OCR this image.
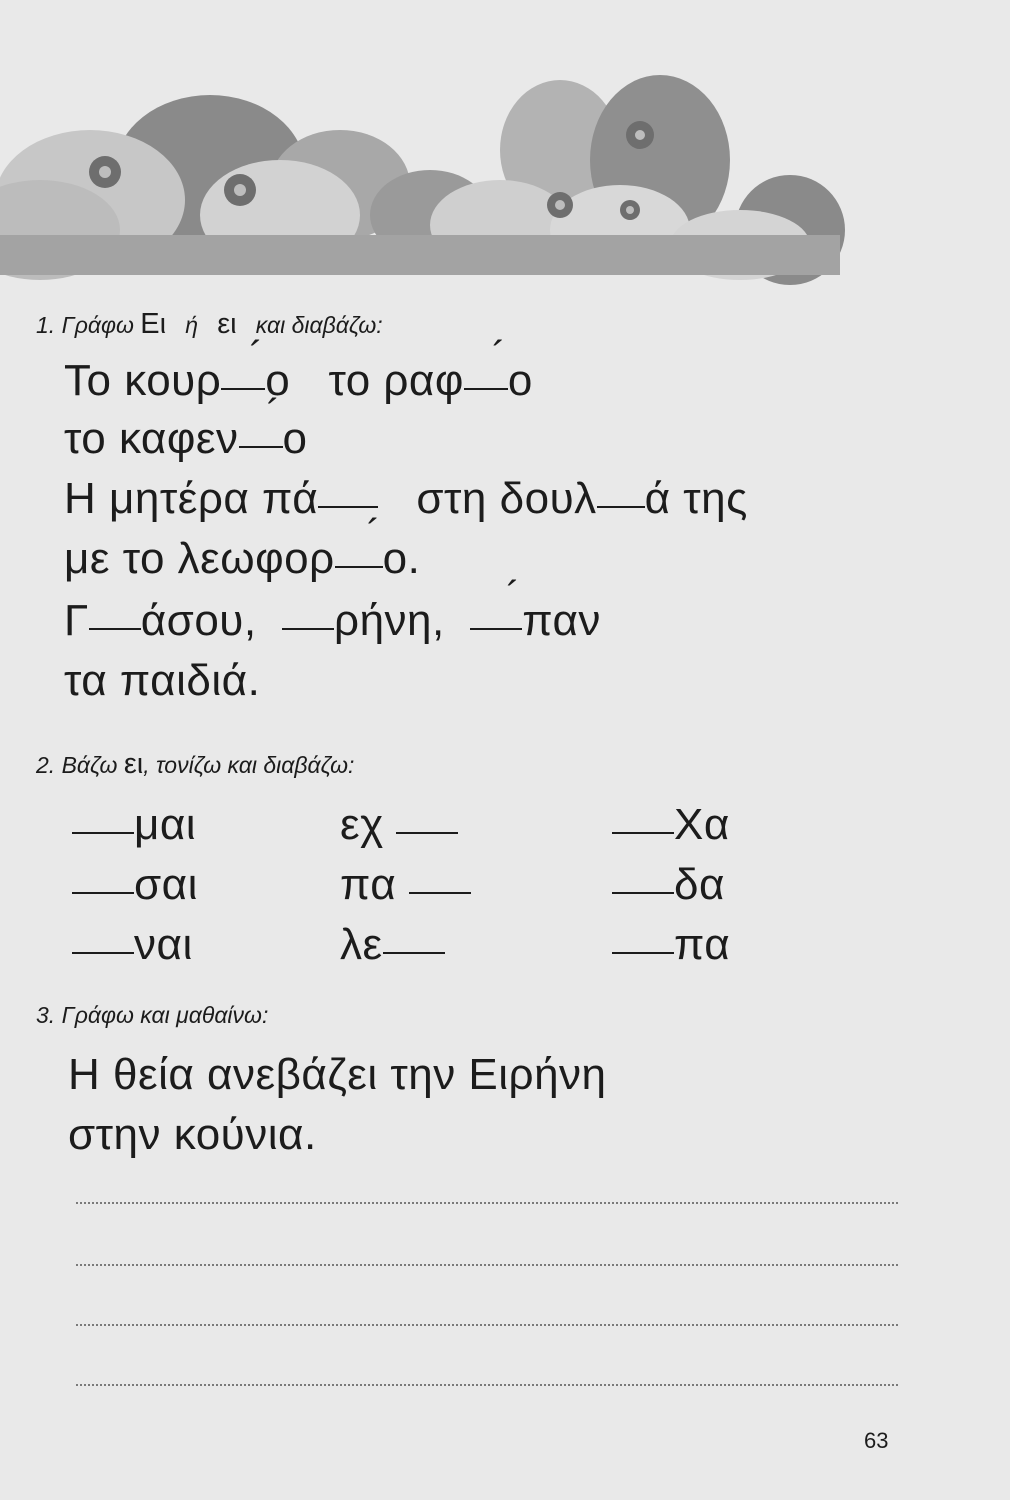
1. Γράφω Ει ή ει και διαβάζω:
Το κουρ ´ ο το ραφ ´ ο
το καφεν ´ ο
Η μητέρα πά στη δουλ ά της
με το λεωφορ ´ ο.
Γ άσου, ρήνη, ´ παν
τα παιδιά.
2. Βάζω ει, τονίζω και διαβάζω:
μαι
σαι
ναι
εχ
πα
λε
Χα
δα
πα
3. Γράφω και μαθαίνω:
Η θεία ανεβάζει την Ειρήνη
στην κούνια.
63
